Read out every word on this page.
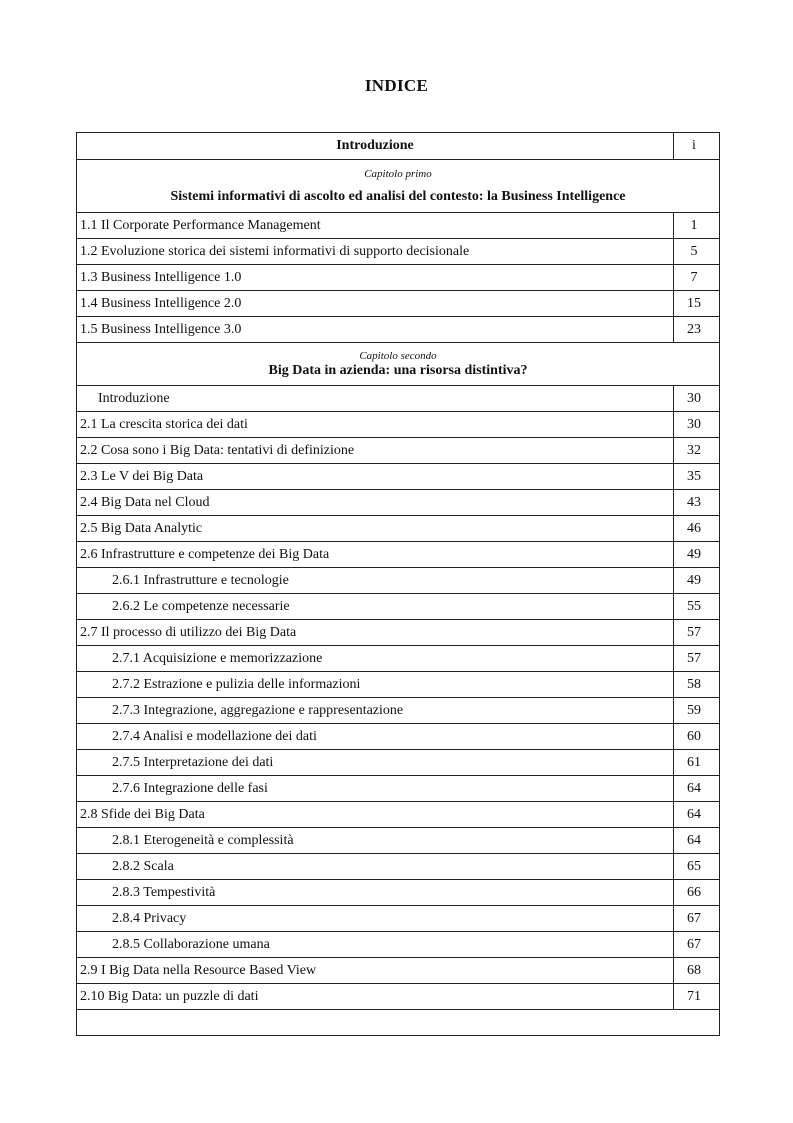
INDICE
Introduzione	i

Capitolo primo
Sistemi informativi di ascolto ed analisi del contesto: la Business Intelligence	

1.1 Il Corporate Performance Management	1
1.2 Evoluzione storica dei sistemi informativi di supporto decisionale	5
1.3 Business Intelligence 1.0	7
1.4 Business Intelligence 2.0	15
1.5 Business Intelligence 3.0	23

Capitolo secondo
Big Data in azienda: una risorsa distintiva?	

Introduzione	30
2.1 La crescita storica dei dati	30
2.2 Cosa sono i Big Data: tentativi di definizione	32
2.3 Le V dei Big Data	35
2.4 Big Data nel Cloud	43
2.5 Big Data Analytic	46
2.6 Infrastrutture e competenze dei Big Data	49
2.6.1 Infrastrutture e tecnologie	49
2.6.2 Le competenze necessarie	55
2.7 Il processo di utilizzo dei Big Data	57
2.7.1 Acquisizione e memorizzazione	57
2.7.2 Estrazione e pulizia delle informazioni	58
2.7.3 Integrazione, aggregazione e rappresentazione	59
2.7.4 Analisi e modellazione dei dati	60
2.7.5 Interpretazione dei dati	61
2.7.6 Integrazione delle fasi	64
2.8 Sfide dei Big Data	64
2.8.1 Eterogeneità e complessità	64
2.8.2 Scala	65
2.8.3 Tempestività	66
2.8.4 Privacy	67
2.8.5 Collaborazione umana	67
2.9 I Big Data nella Resource Based View	68
2.10 Big Data: un puzzle di dati	71
